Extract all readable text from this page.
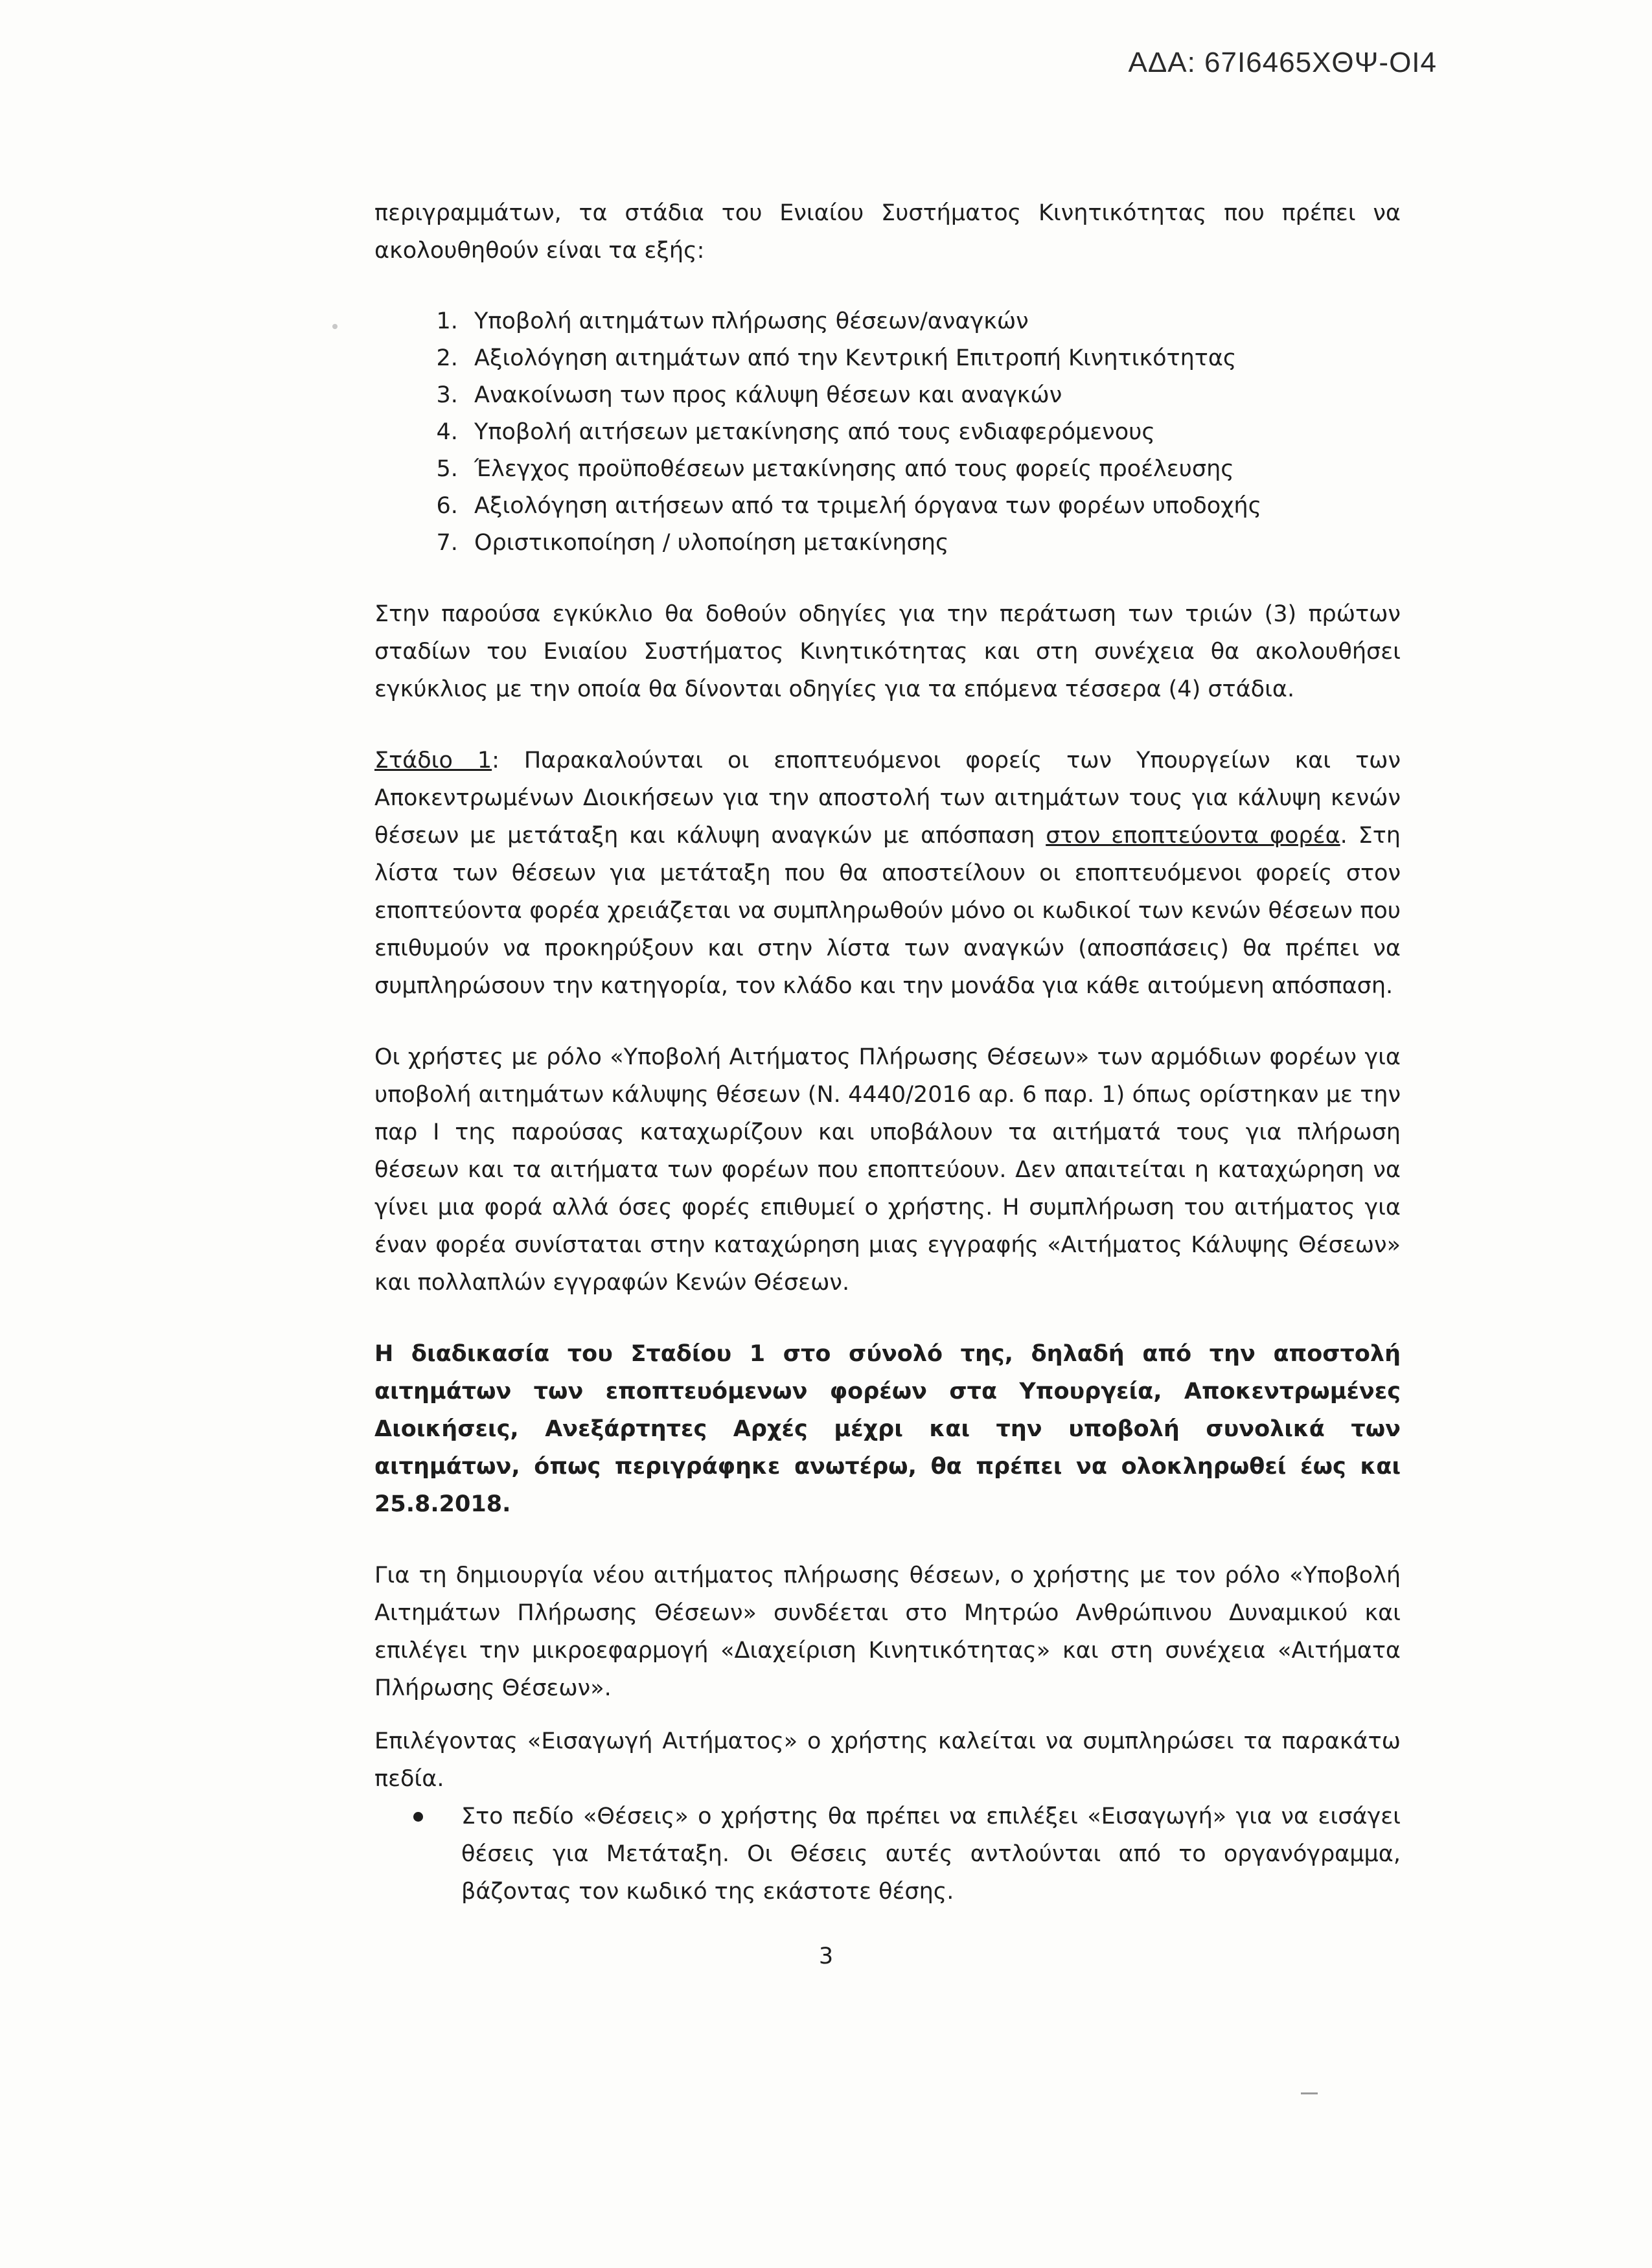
ΑΔΑ: 67Ι6465ΧΘΨ-ΟΙ4

περιγραμμάτων, τα στάδια του Ενιαίου Συστήματος Κινητικότητας που πρέπει να ακολουθηθούν είναι τα εξής:

1. Υποβολή αιτημάτων πλήρωσης θέσεων/αναγκών
2. Αξιολόγηση αιτημάτων από την Κεντρική Επιτροπή Κινητικότητας
3. Ανακοίνωση των προς κάλυψη θέσεων και αναγκών
4. Υποβολή αιτήσεων μετακίνησης από τους ενδιαφερόμενους
5. Έλεγχος προϋποθέσεων μετακίνησης από τους φορείς προέλευσης
6. Αξιολόγηση αιτήσεων από τα τριμελή όργανα των φορέων υποδοχής
7. Οριστικοποίηση / υλοποίηση μετακίνησης

Στην παρούσα εγκύκλιο θα δοθούν οδηγίες για την περάτωση των τριών (3) πρώτων σταδίων του Ενιαίου Συστήματος Κινητικότητας και στη συνέχεια θα ακολουθήσει εγκύκλιος με την οποία θα δίνονται οδηγίες για τα επόμενα τέσσερα (4) στάδια.

Στάδιο 1: Παρακαλούνται οι εποπτευόμενοι φορείς των Υπουργείων και των Αποκεντρωμένων Διοικήσεων για την αποστολή των αιτημάτων τους για κάλυψη κενών θέσεων με μετάταξη και κάλυψη αναγκών με απόσπαση στον εποπτεύοντα φορέα. Στη λίστα των θέσεων για μετάταξη που θα αποστείλουν οι εποπτευόμενοι φορείς στον εποπτεύοντα φορέα χρειάζεται να συμπληρωθούν μόνο οι κωδικοί των κενών θέσεων που επιθυμούν να προκηρύξουν και στην λίστα των αναγκών (αποσπάσεις) θα πρέπει να συμπληρώσουν την κατηγορία, τον κλάδο και την μονάδα για κάθε αιτούμενη απόσπαση.

Οι χρήστες με ρόλο «Υποβολή Αιτήματος Πλήρωσης Θέσεων» των αρμόδιων φορέων για υποβολή αιτημάτων κάλυψης θέσεων (Ν. 4440/2016 αρ. 6 παρ. 1) όπως ορίστηκαν με την παρ Ι της παρούσας καταχωρίζουν και υποβάλουν τα αιτήματά τους για πλήρωση θέσεων και τα αιτήματα των φορέων που εποπτεύουν. Δεν απαιτείται η καταχώρηση να γίνει μια φορά αλλά όσες φορές επιθυμεί ο χρήστης. Η συμπλήρωση του αιτήματος για έναν φορέα συνίσταται στην καταχώρηση μιας εγγραφής «Αιτήματος Κάλυψης Θέσεων» και πολλαπλών εγγραφών Κενών Θέσεων.

Η διαδικασία του Σταδίου 1 στο σύνολό της, δηλαδή από την αποστολή αιτημάτων των εποπτευόμενων φορέων στα Υπουργεία, Αποκεντρωμένες Διοικήσεις, Ανεξάρτητες Αρχές μέχρι και την υποβολή συνολικά των αιτημάτων, όπως περιγράφηκε ανωτέρω, θα πρέπει να ολοκληρωθεί έως και 25.8.2018.

Για τη δημιουργία νέου αιτήματος πλήρωσης θέσεων, ο χρήστης με τον ρόλο «Υποβολή Αιτημάτων Πλήρωσης Θέσεων» συνδέεται στο Μητρώο Ανθρώπινου Δυναμικού και επιλέγει την μικροεφαρμογή «Διαχείριση Κινητικότητας» και στη συνέχεια «Αιτήματα Πλήρωσης Θέσεων».

Επιλέγοντας «Εισαγωγή Αιτήματος» ο χρήστης καλείται να συμπληρώσει τα παρακάτω πεδία.

Στο πεδίο «Θέσεις» ο χρήστης θα πρέπει να επιλέξει «Εισαγωγή» για να εισάγει θέσεις για Μετάταξη. Οι Θέσεις αυτές αντλούνται από το οργανόγραμμα, βάζοντας τον κωδικό της εκάστοτε θέσης.
3
